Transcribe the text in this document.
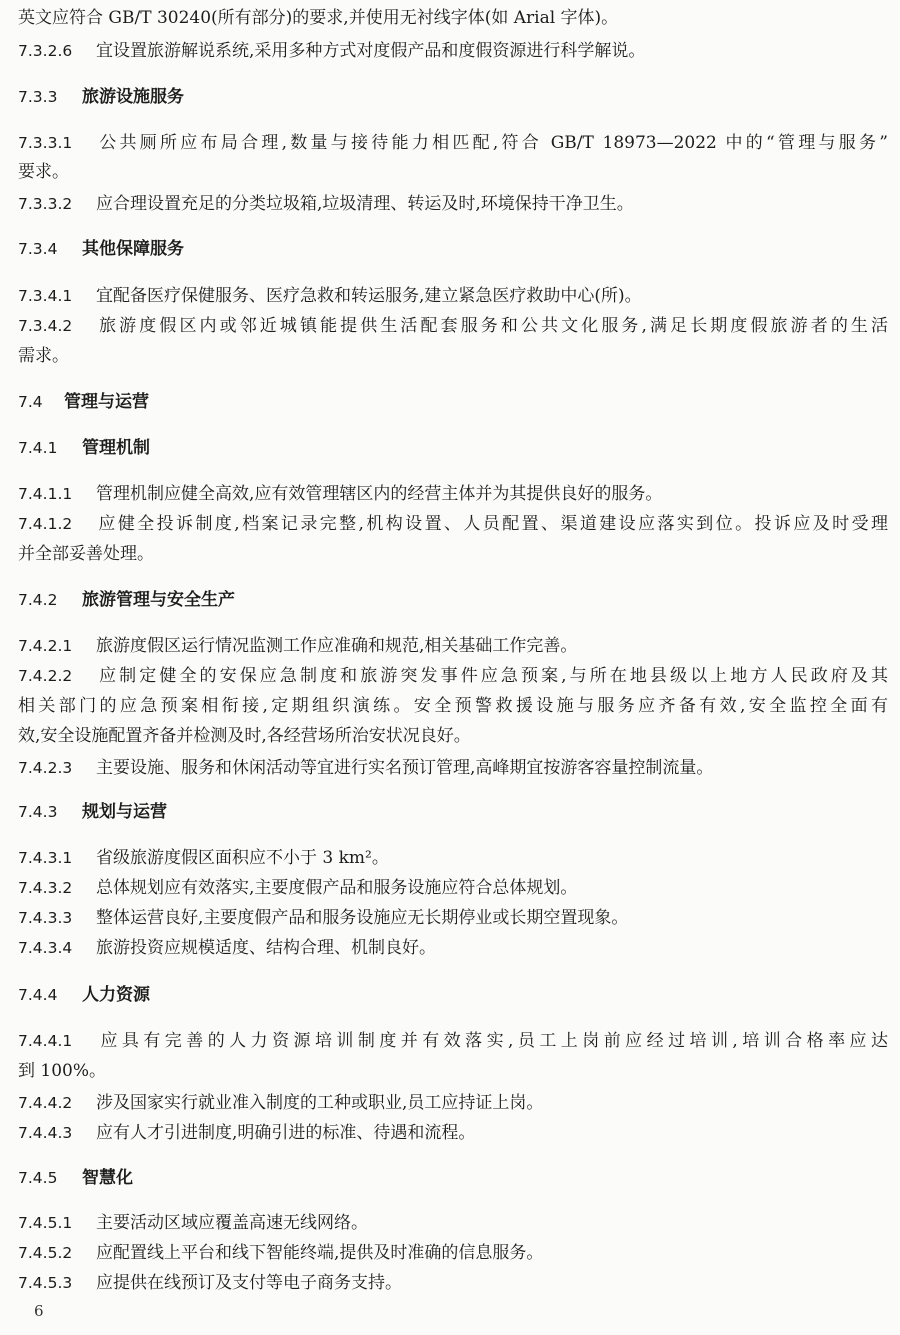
英文应符合 GB/T 30240(所有部分)的要求,并使用无衬线字体(如 Arial 字体)。
7.3.2.6 宜设置旅游解说系统,采用多种方式对度假产品和度假资源进行科学解说。
7.3.3 旅游设施服务
7.3.3.1 公共厕所应布局合理,数量与接待能力相匹配,符合 GB/T 18973—2022 中的“管理与服务”
要求。
7.3.3.2 应合理设置充足的分类垃圾箱,垃圾清理、转运及时,环境保持干净卫生。
7.3.4 其他保障服务
7.3.4.1 宜配备医疗保健服务、医疗急救和转运服务,建立紧急医疗救助中心(所)。
7.3.4.2 旅游度假区内或邻近城镇能提供生活配套服务和公共文化服务,满足长期度假旅游者的生活
需求。
7.4 管理与运营
7.4.1 管理机制
7.4.1.1 管理机制应健全高效,应有效管理辖区内的经营主体并为其提供良好的服务。
7.4.1.2 应健全投诉制度,档案记录完整,机构设置、人员配置、渠道建设应落实到位。投诉应及时受理
并全部妥善处理。
7.4.2 旅游管理与安全生产
7.4.2.1 旅游度假区运行情况监测工作应准确和规范,相关基础工作完善。
7.4.2.2 应制定健全的安保应急制度和旅游突发事件应急预案,与所在地县级以上地方人民政府及其
相关部门的应急预案相衔接,定期组织演练。安全预警救援设施与服务应齐备有效,安全监控全面有
效,安全设施配置齐备并检测及时,各经营场所治安状况良好。
7.4.2.3 主要设施、服务和休闲活动等宜进行实名预订管理,高峰期宜按游客容量控制流量。
7.4.3 规划与运营
7.4.3.1 省级旅游度假区面积应不小于 3 km²。
7.4.3.2 总体规划应有效落实,主要度假产品和服务设施应符合总体规划。
7.4.3.3 整体运营良好,主要度假产品和服务设施应无长期停业或长期空置现象。
7.4.3.4 旅游投资应规模适度、结构合理、机制良好。
7.4.4 人力资源
7.4.4.1 应具有完善的人力资源培训制度并有效落实,员工上岗前应经过培训,培训合格率应达
到 100%。
7.4.4.2 涉及国家实行就业准入制度的工种或职业,员工应持证上岗。
7.4.4.3 应有人才引进制度,明确引进的标准、待遇和流程。
7.4.5 智慧化
7.4.5.1 主要活动区域应覆盖高速无线网络。
7.4.5.2 应配置线上平台和线下智能终端,提供及时准确的信息服务。
7.4.5.3 应提供在线预订及支付等电子商务支持。
6
